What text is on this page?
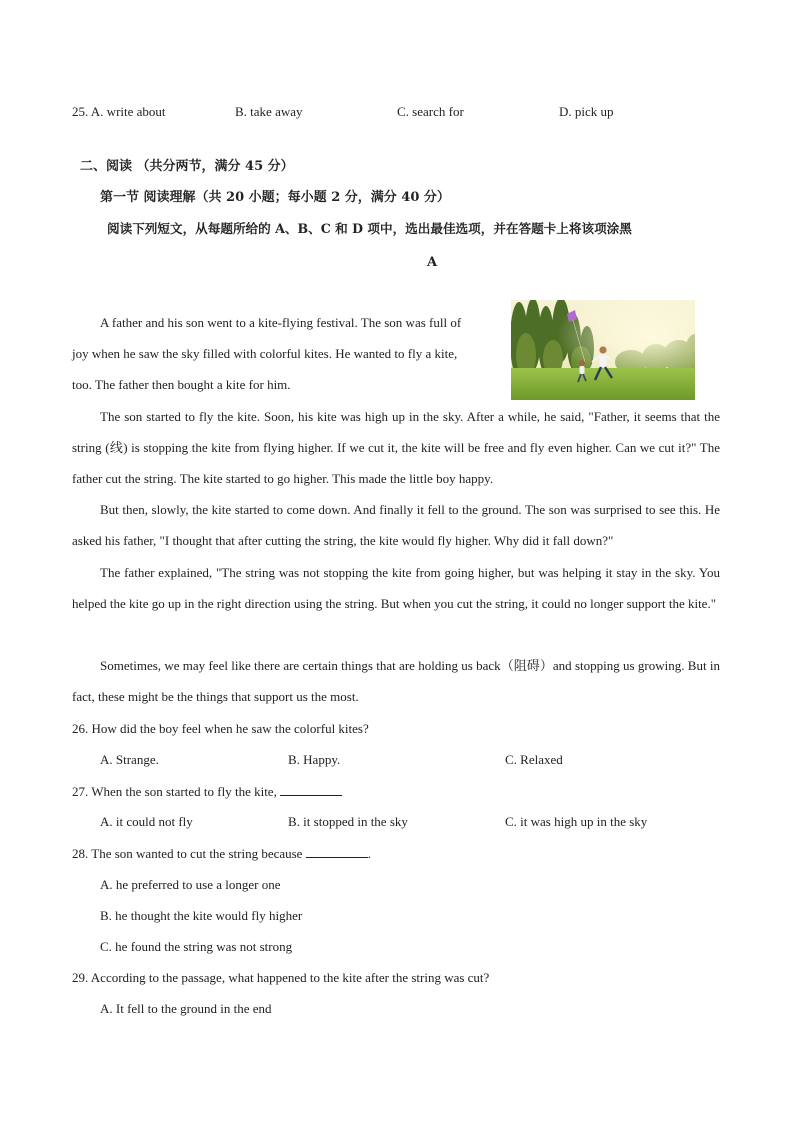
25. A. write about	B. take away	C. search for	D. pick up
二、阅读 （共分两节，满分 45 分）
第一节 阅读理解（共 20 小题；每小题 2 分，满分 40 分）
阅读下列短文，从每题所给的 A、B、C 和 D 项中，选出最佳选项，并在答题卡上将该项涂黑
A
A father and his son went to a kite-flying festival. The son was full of
joy when he saw the sky filled with colorful kites. He wanted to fly a kite,
too. The father then bought a kite for him.
The son started to fly the kite. Soon, his kite was high up in the sky. After a while, he said, "Father, it seems that the string (线) is stopping the kite from flying higher. If we cut it, the kite will be free and fly even higher. Can we cut it?" The father cut the string. The kite started to go higher. This made the little boy happy.
But then, slowly, the kite started to come down. And finally it fell to the ground. The son was surprised to see this. He asked his father, "I thought that after cutting the string, the kite would fly higher. Why did it fall down?"
The father explained, "The string was not stopping the kite from going higher, but was helping it stay in the sky. You helped the kite go up in the right direction using the string. But when you cut the string, it could no longer support the kite."
Sometimes, we may feel like there are certain things that are holding us back（阻碍）and stopping us growing. But in fact, these might be the things that support us the most.
26. How did the boy feel when he saw the colorful kites?
A. Strange.	B. Happy.	C. Relaxed
27. When the son started to fly the kite,
A. it could not fly	B. it stopped in the sky	C. it was high up in the sky
28. The son wanted to cut the string because	.
A. he preferred to use a longer one
B. he thought the kite would fly higher
C. he found the string was not strong
29. According to the passage, what happened to the kite after the string was cut?
A. It fell to the ground in the end
